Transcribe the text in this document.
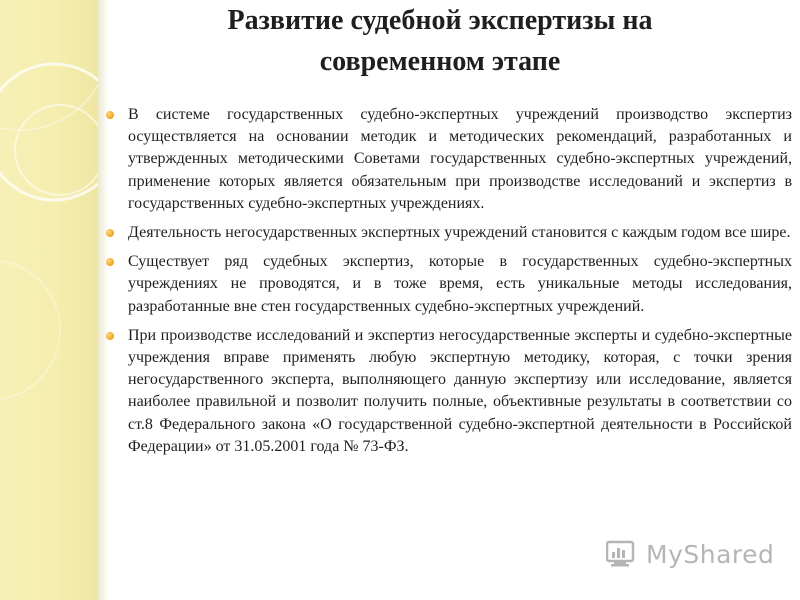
Развитие судебной экспертизы на
современном этапе
В системе государственных судебно-экспертных учреждений производство экспертиз осуществляется на основании методик и методических рекомендаций, разработанных и утвержденных методическими Советами государственных судебно-экспертных учреждений, применение которых является обязательным при производстве исследований и экспертиз в государственных судебно-экспертных учреждениях.
Деятельность негосударственных экспертных учреждений становится с каждым годом все шире.
Существует ряд судебных экспертиз, которые в государственных судебно-экспертных учреждениях не проводятся, и в тоже время, есть уникальные методы исследования, разработанные вне стен государственных судебно-экспертных учреждений.
При производстве исследований и экспертиз негосударственные эксперты и судебно-экспертные учреждения вправе применять любую экспертную методику, которая, с точки зрения негосударственного эксперта, выполняющего данную экспертизу или исследование, является наиболее правильной и позволит получить полные, объективные результаты в соответствии со ст.8 Федерального закона «О государственной судебно-экспертной деятельности в Российской Федерации» от 31.05.2001 года № 73-ФЗ.
MyShared
